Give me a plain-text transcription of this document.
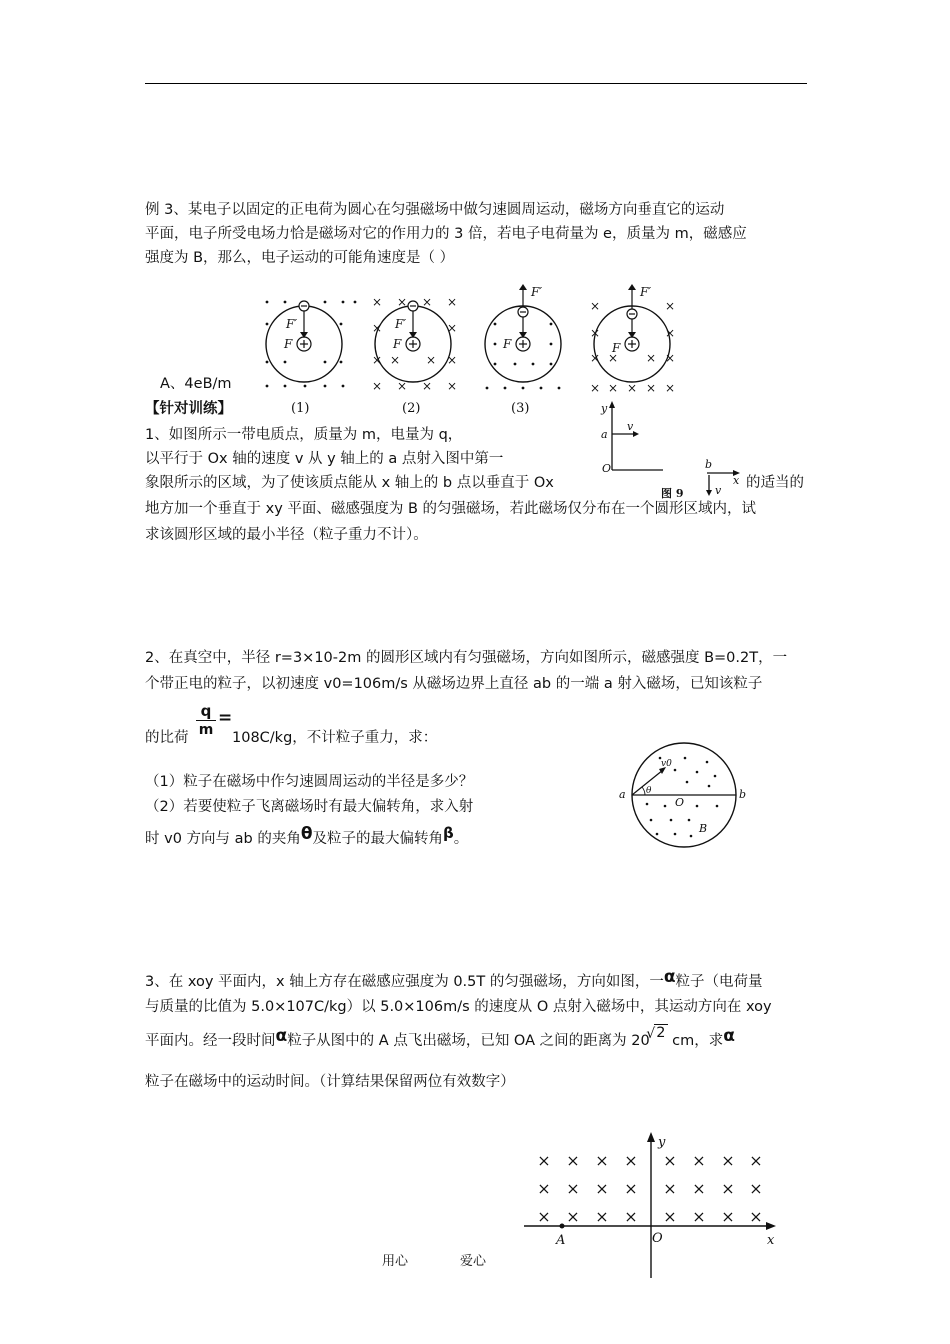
例 3、某电子以固定的正电荷为圆心在匀强磁场中做匀速圆周运动，磁场方向垂直它的运动
平面，电子所受电场力恰是磁场对它的作用力的 3 倍，若电子电荷量为 e，质量为 m，磁感应
强度为 B，那么，电子运动的可能角速度是（ ）
× × × ×
×	×
× × × ×
× × × ×
×	×
×	×
× × × ×
× × × × ×
F′
F
F′
F
F′
F
F′
F
(1)	(2)	(3)
A、4eB/m
【针对训练】
1、如图所示一带电质点，质量为 m，电量为 q，
以平行于 Ox 轴的速度 v 从 y 轴上的 a 点射入图中第一
象限所示的区域，为了使该质点能从 x 轴上的 b 点以垂直于 Ox	的适当的
地方加一个垂直于 xy 平面、磁感强度为 B 的匀强磁场，若此磁场仅分布在一个圆形区域内，试
求该圆形区域的最小半径（粒子重力不计）。
y
a
v
O	b
x
v
图 9
2、在真空中，半径 r=3×10-2m 的圆形区域内有匀强磁场，方向如图所示，磁感强度 B=0.2T，一
个带正电的粒子，以初速度 v0=106m/s 从磁场边界上直径 ab 的一端 a 射入磁场，已知该粒子
q
m
=
的比荷	108C/kg，不计粒子重力，求：
（1）粒子在磁场中作匀速圆周运动的半径是多少？
（2）若要使粒子飞离磁场时有最大偏转角，求入射
时 v0 方向与 ab 的夹角θ及粒子的最大偏转角β。
a	b
O
B
v0
θ
3、在 xoy 平面内，x 轴上方存在磁感应强度为 0.5T 的匀强磁场，方向如图，一α粒子（电荷量
与质量的比值为 5.0×107C/kg）以 5.0×106m/s 的速度从 O 点射入磁场中，其运动方向在 xoy
平面内。经一段时间α粒子从图中的 A 点飞出磁场，已知 OA 之间的距离为 20
√ 2 cm，求α
粒子在磁场中的运动时间。（计算结果保留两位有效数字）
× × × × × × × ×
× × × × × × × ×
× × × × × × × ×
y
x
O
A
用心	爱心
